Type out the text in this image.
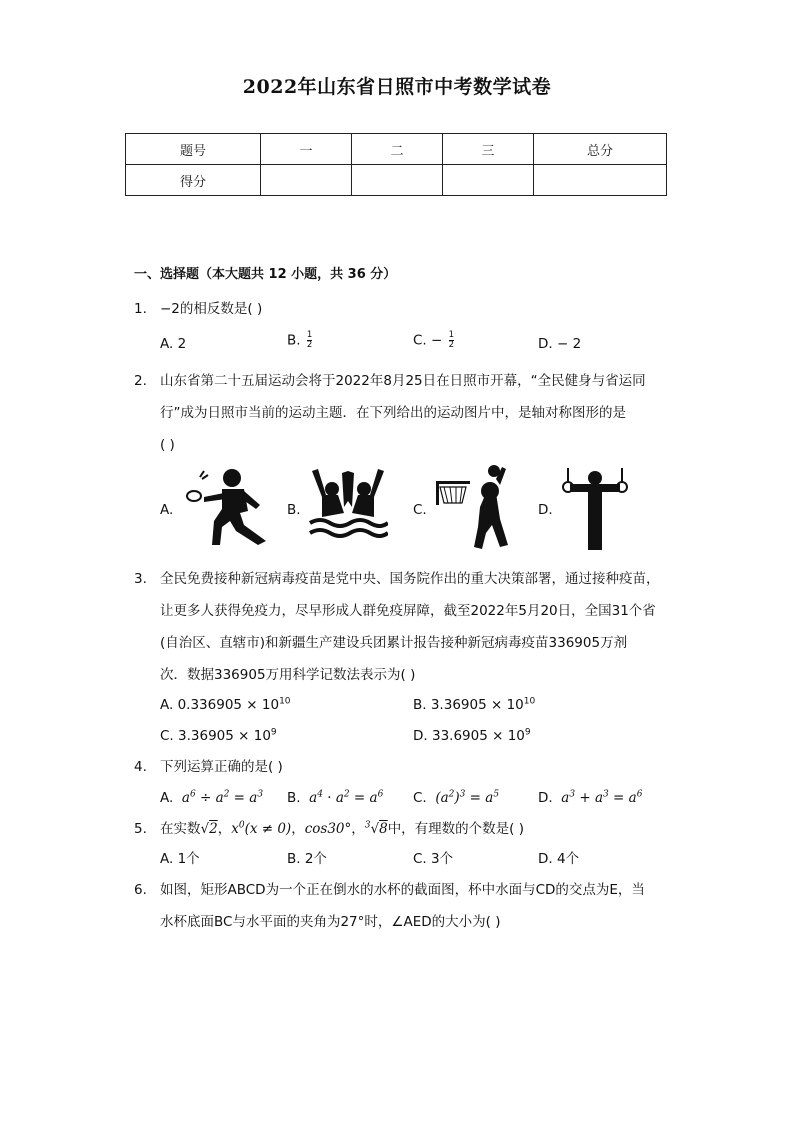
2022年山东省日照市中考数学试卷
题号	一	二	三	总分
得分				
一、选择题（本大题共 12 小题，共 36 分）
1. −2的相反数是( )
A. 2	B. $\frac{1}{2}$	C. − $\frac{1}{2}$	D. − 2
2. 山东省第二十五届运动会将于2022年8月25日在日照市开幕，“全民健身与省运同
行”成为日照市当前的运动主题．在下列给出的运动图片中，是轴对称图形的是
( )
A.	B.	C.	D.
3. 全民免费接种新冠病毒疫苗是党中央、国务院作出的重大决策部署，通过接种疫苗，
让更多人获得免疫力，尽早形成人群免疫屏障，截至2022年5月20日，全国31个省
(自治区、直辖市)和新疆生产建设兵团累计报告接种新冠病毒疫苗336905万剂
次．数据336905万用科学记数法表示为( )
A. $0.336905 \times 10^{10}$	B. $3.36905 \times 10^{10}$
C. $3.36905 \times 10^9$	D. $33.6905 \times 10^9$
4. 下列运算正确的是( )
A. $a^6 \div a^2 = a^3$ B. $a^4 \cdot a^2 = a^6$ C. $(a^2)^3 = a^5$	D. $a^3 + a^3 = a^6$
5. 在实数√2，$x^0(x \ne 0)$，cos30°，$^3$√8中，有理数的个数是( )
A. 1个	B. 2个	C. 3个	D. 4个
6. 如图，矩形ABCD为一个正在倒水的水杯的截面图，杯中水面与CD的交点为E，当
水杯底面BC与水平面的夹角为27°时，∠AED的大小为( )
